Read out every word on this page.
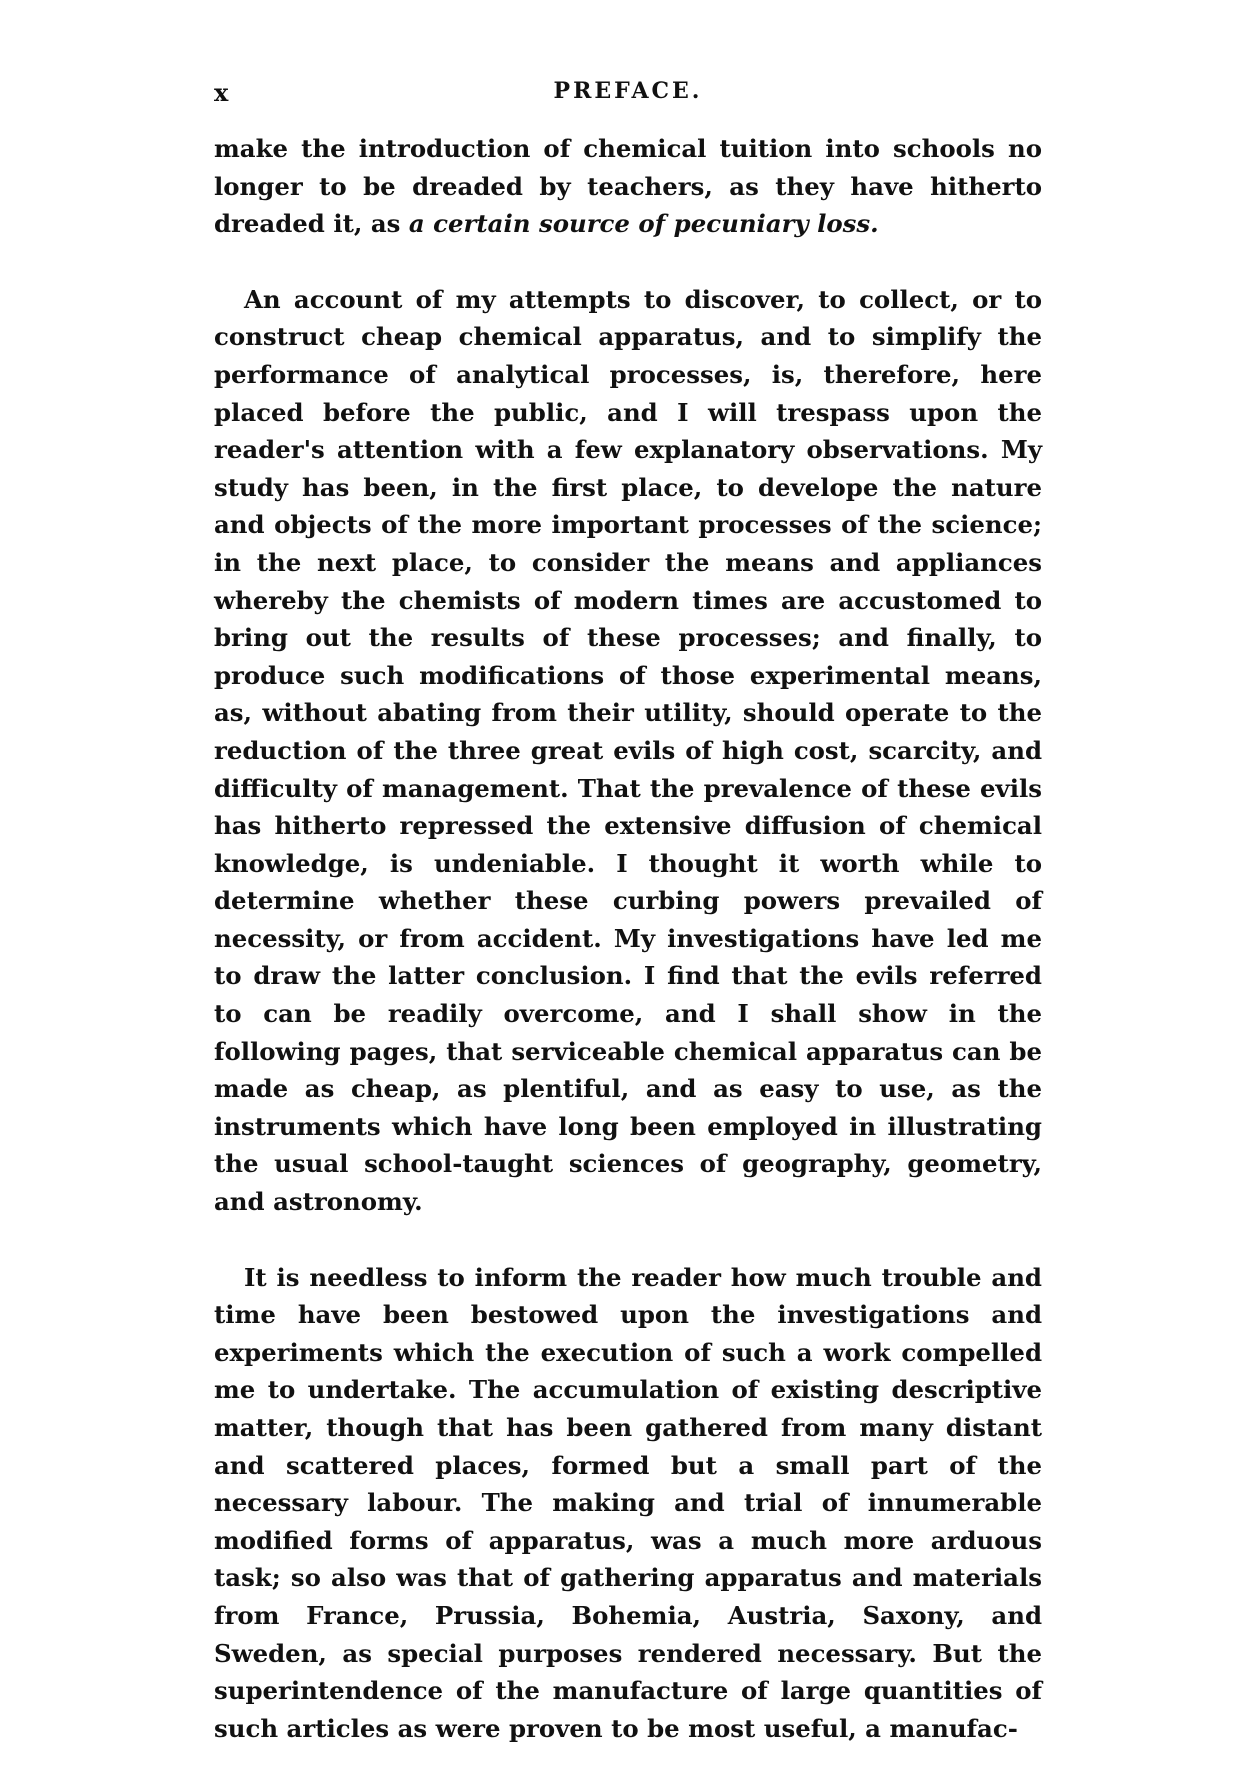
x	PREFACE.

make the introduction of chemical tuition into schools no longer to be dreaded by teachers, as they have hitherto dreaded it, as a certain source of pecuniary loss.

An account of my attempts to discover, to collect, or to construct cheap chemical apparatus, and to simplify the performance of analytical processes, is, therefore, here placed before the public, and I will trespass upon the reader's attention with a few explanatory observations. My study has been, in the first place, to develope the nature and objects of the more important processes of the science; in the next place, to consider the means and appliances whereby the chemists of modern times are accustomed to bring out the results of these processes; and finally, to produce such modifications of those experimental means, as, without abating from their utility, should operate to the reduction of the three great evils of high cost, scarcity, and difficulty of management. That the prevalence of these evils has hitherto repressed the extensive diffusion of chemical knowledge, is undeniable. I thought it worth while to determine whether these curbing powers prevailed of necessity, or from accident. My investigations have led me to draw the latter conclusion. I find that the evils referred to can be readily overcome, and I shall show in the following pages, that serviceable chemical apparatus can be made as cheap, as plentiful, and as easy to use, as the instruments which have long been employed in illustrating the usual school-taught sciences of geography, geometry, and astronomy.

It is needless to inform the reader how much trouble and time have been bestowed upon the investigations and experiments which the execution of such a work compelled me to undertake. The accumulation of existing descriptive matter, though that has been gathered from many distant and scattered places, formed but a small part of the necessary labour. The making and trial of innumerable modified forms of apparatus, was a much more arduous task; so also was that of gathering apparatus and materials from France, Prussia, Bohemia, Austria, Saxony, and Sweden, as special purposes rendered necessary. But the superintendence of the manufacture of large quantities of such articles as were proven to be most useful, a manufac-
